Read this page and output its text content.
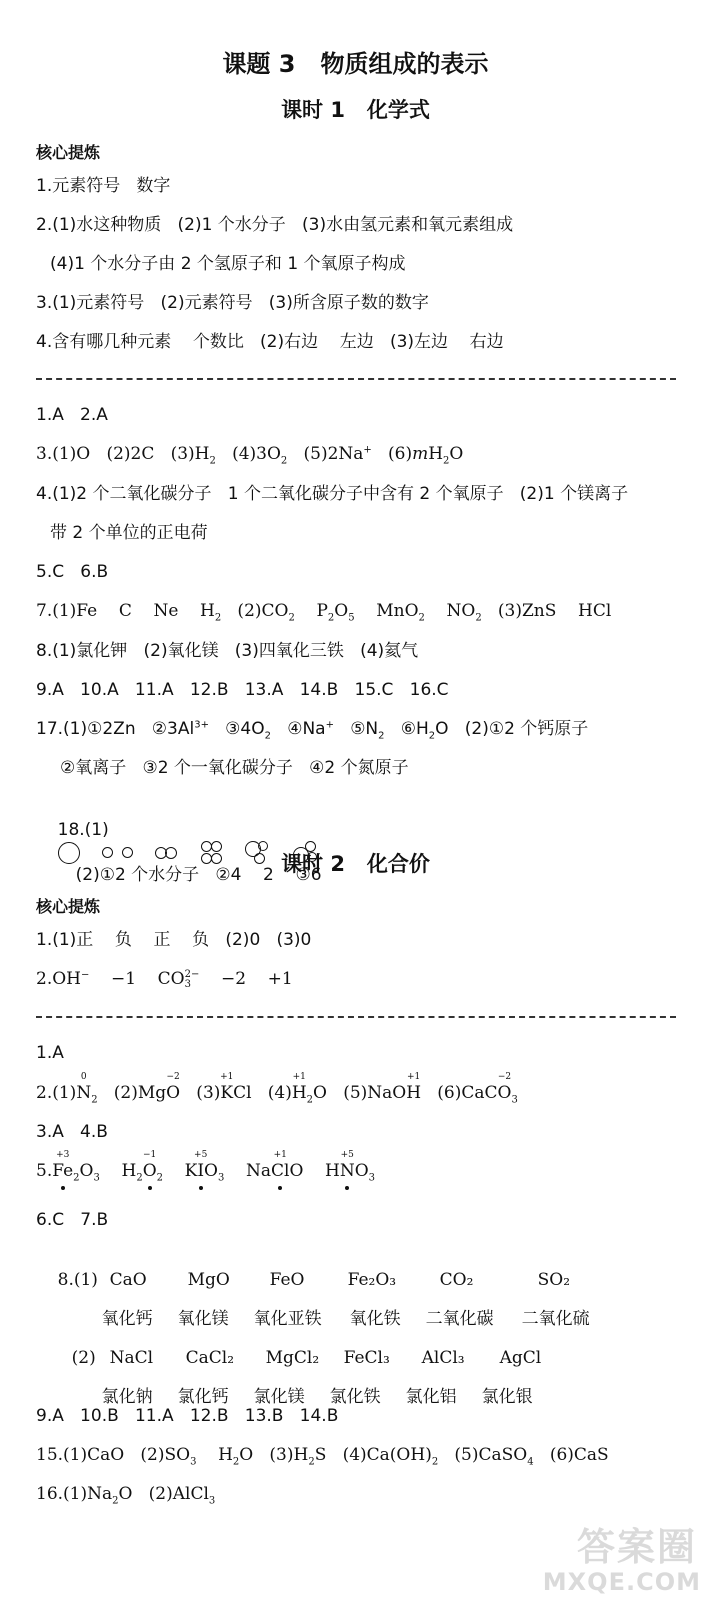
课题 3   物质组成的表示
课时 1   化学式
核心提炼
1.元素符号   数字
2.(1)水这种物质   (2)1 个水分子   (3)水由氢元素和氧元素组成
(4)1 个水分子由 2 个氢原子和 1 个氧原子构成
3.(1)元素符号   (2)元素符号   (3)所含原子数的数字
4.含有哪几种元素    个数比   (2)右边    左边   (3)左边    右边
1.A   2.A
3.(1)O   (2)2C   $(3)H_2$   $(4)3O_2$   (5)2Na+   $(6)mH_2O$
4.(1)2 个二氧化碳分子   1 个二氧化碳分子中含有 2 个氧原子   (2)1 个镁离子
带 2 个单位的正电荷
5.C   6.B
7.(1)Fe    C    Ne    $H_2$   $(2)CO_2$    $P_2O_5$    MnO$_2$    $NO_2$   (3)ZnS    HCl
8.(1)氯化钾   (2)氧化镁   (3)四氧化三铁   (4)氦气
9.A   10.A   11.A   12.B   13.A   14.B   15.C   16.C
17.(1)①2Zn   $②3Al^{3+}$   $③4O_2$   ④Na+   $⑤N_2$   $⑥H_2O$   (2)①2 个钙原子
②氧离子   ③2 个一氧化碳分子   ④2 个氮原子

18.(1)

(2)①2 个水分子   ②4    2    ③6

课时 2   化合价
核心提炼
1.(1)正    负    正    负   (2)0   (3)0
2.OH−    −1    CO 2−
3 −2    +1
1.A
2.(1)
0
$N_2$   (2)Mg
−2
O   (3)
+1
KCl   (4)
+1
$H_2O$   (5)NaO
+1
H   (6)CaC
−2
$O_3$
3.A   4.B
5.
+3
$Fe_2O_3$    $H_2$
−1
$O_2$    K
+5
$IO_3$    Na
+1
ClO    H
+5
$NO_3$
6.C   7.B

8.(1) CaO MgO FeO	Fe₂O₃	CO₂	SO₂

氧化钙 氧化镁 氧化亚铁 氧化铁 二氧化碳 二氧化硫

(2) NaCl CaCl₂ MgCl₂ FeCl₃ AlCl₃ AgCl

氯化钠 氯化钙 氯化镁 氯化铁 氯化铝 氯化银

9.A   10.B   11.A   12.B   13.B   14.B
15.(1)CaO   $(2)SO_3$    $H_2O$   $(3)H_2S$   $(4)Ca(OH)_2$   (5)CaSO$_4$   (6)CaS
$16.(1)Na_2O$   (2)AlCl$_3$
答案圈
MXQE.COM
